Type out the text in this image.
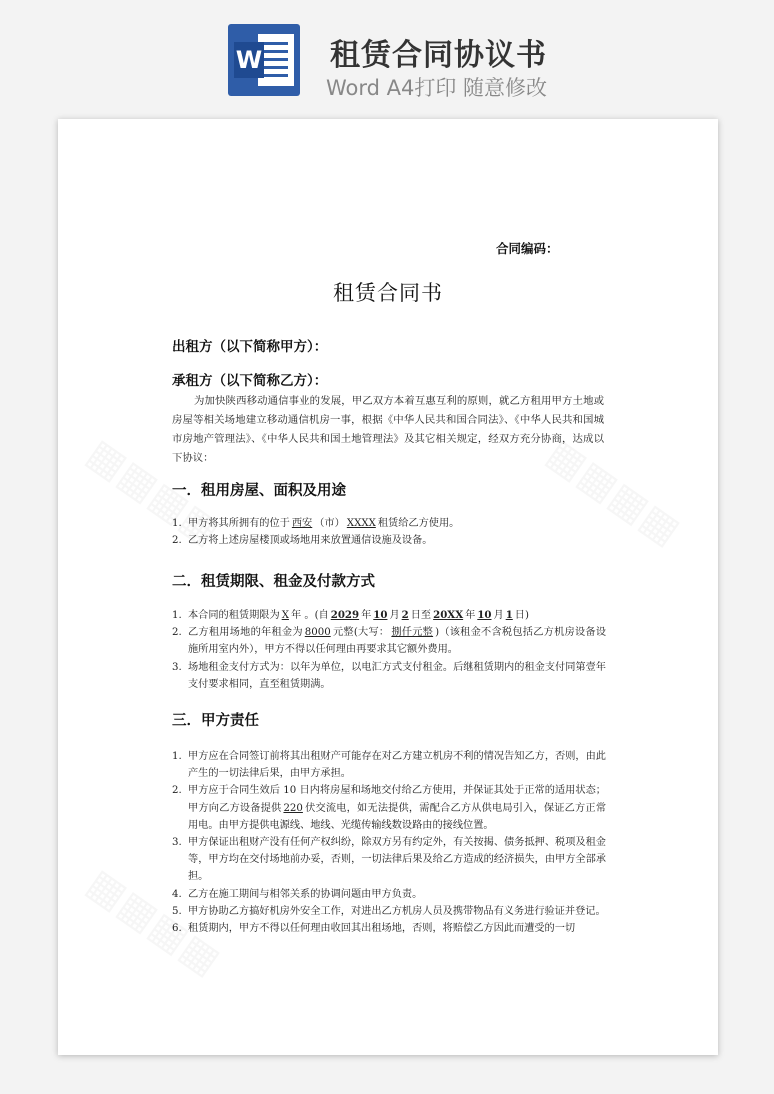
W 租赁合同协议书
Word A4打印 随意修改
合同编码：
租赁合同书
出租方（以下简称甲方）：
承租方（以下简称乙方）：
为加快陕西移动通信事业的发展，甲乙双方本着互惠互利的原则，就乙方租用甲方土地或房屋等相关场地建立移动通信机房一事，根据《中华人民共和国合同法》、《中华人民共和国城市房地产管理法》、《中华人民共和国土地管理法》及其它相关规定，经双方充分协商，达成以下协议：
一．租用房屋、面积及用途
1. 甲方将其所拥有的位于 西安 （市） XXXX 租赁给乙方使用。
2. 乙方将上述房屋楼顶或场地用来放置通信设施及设备。
二．租赁期限、租金及付款方式
1. 本合同的租赁期限为 X 年 。(自 2029 年 10 月 2 日至 20XX 年 10 月 1 日)
2. 乙方租用场地的年租金为 8000 元整(大写： 捌仟元整 )（该租金不含税包括乙方机房设备设施所用室内外），甲方不得以任何理由再要求其它额外费用。
3. 场地租金支付方式为：以年为单位，以电汇方式支付租金。后继租赁期内的租金支付同第壹年支付要求相同，直至租赁期满。
三．甲方责任
1. 甲方应在合同签订前将其出租财产可能存在对乙方建立机房不利的情况告知乙方，否则，由此产生的一切法律后果，由甲方承担。
2. 甲方应于合同生效后 10 日内将房屋和场地交付给乙方使用，并保证其处于正常的适用状态；甲方向乙方设备提供 220 伏交流电，如无法提供，需配合乙方从供电局引入，保证乙方正常用电。由甲方提供电源线、地线、光缆传输线数设路由的接线位置。
3. 甲方保证出租财产没有任何产权纠纷，除双方另有约定外，有关按揭、债务抵押、税项及租金等，甲方均在交付场地前办妥，否则，一切法律后果及给乙方造成的经济损失，由甲方全部承担。
4. 乙方在施工期间与相邻关系的协调问题由甲方负责。
5. 甲方协助乙方搞好机房外安全工作，对进出乙方机房人员及携带物品有义务进行验证并登记。
6. 租赁期内，甲方不得以任何理由收回其出租场地，否则，将赔偿乙方因此而遭受的一切
